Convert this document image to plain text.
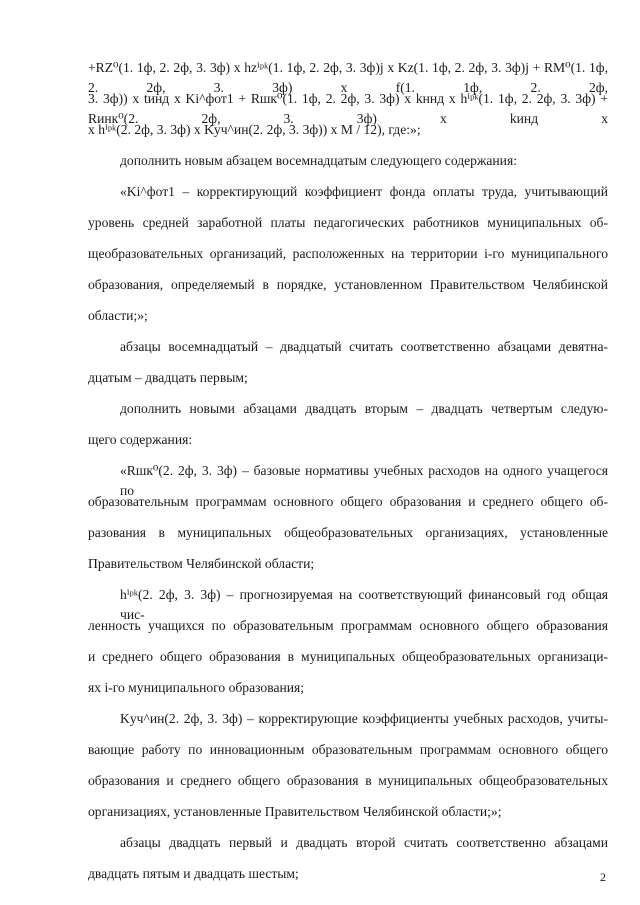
+RZ⁰(1. 1ф, 2. 2ф, 3. 3ф) x hzⁱᵖᵏ(1. 1ф, 2. 2ф, 3. 3ф)j x Kz(1. 1ф, 2. 2ф, 3. 3ф)j + RM⁰(1. 1ф, 2. 2ф, 3. 3ф) x f(1. 1ф, 2. 2ф,
3. 3ф)) x tинд x Ki^фот1 + Rшк⁰(1. 1ф, 2. 2ф, 3. 3ф) x kннд x hⁱᵖᵏ(1. 1ф, 2. 2ф, 3. 3ф) + Rинк⁰(2. 2ф, 3. 3ф) x kинд x
x hⁱᵖᵏ(2. 2ф, 3. 3ф) x Kуч^ин(2. 2ф, 3. 3ф)) x M / 12), где:»;
дополнить новым абзацем восемнадцатым следующего содержания:
«Ki^фот1 – корректирующий коэффициент фонда оплаты труда, учитывающий
уровень средней заработной платы педагогических работников муниципальных об-
щеобразовательных организаций, расположенных на территории i-го муниципального
образования, определяемый в порядке, установленном Правительством Челябинской
области;»;
абзацы восемнадцатый – двадцатый считать соответственно абзацами девятна-
дцатым – двадцать первым;
дополнить новыми абзацами двадцать вторым – двадцать четвертым следую-
щего содержания:
«Rшк⁰(2. 2ф, 3. 3ф) – базовые нормативы учебных расходов на одного учащегося по
образовательным программам основного общего образования и среднего общего об-
разования в муниципальных общеобразовательных организациях, установленные
Правительством Челябинской области;
hⁱᵖᵏ(2. 2ф, 3. 3ф) – прогнозируемая на соответствующий финансовый год общая чис-
ленность учащихся по образовательным программам основного общего образования
и среднего общего образования в муниципальных общеобразовательных организаци-
ях i-го муниципального образования;
Kуч^ин(2. 2ф, 3. 3ф) – корректирующие коэффициенты учебных расходов, учиты-
вающие работу по инновационным образовательным программам основного общего
образования и среднего общего образования в муниципальных общеобразовательных
организациях, установленные Правительством Челябинской области;»;
абзацы двадцать первый и двадцать второй считать соответственно абзацами
двадцать пятым и двадцать шестым;	2
